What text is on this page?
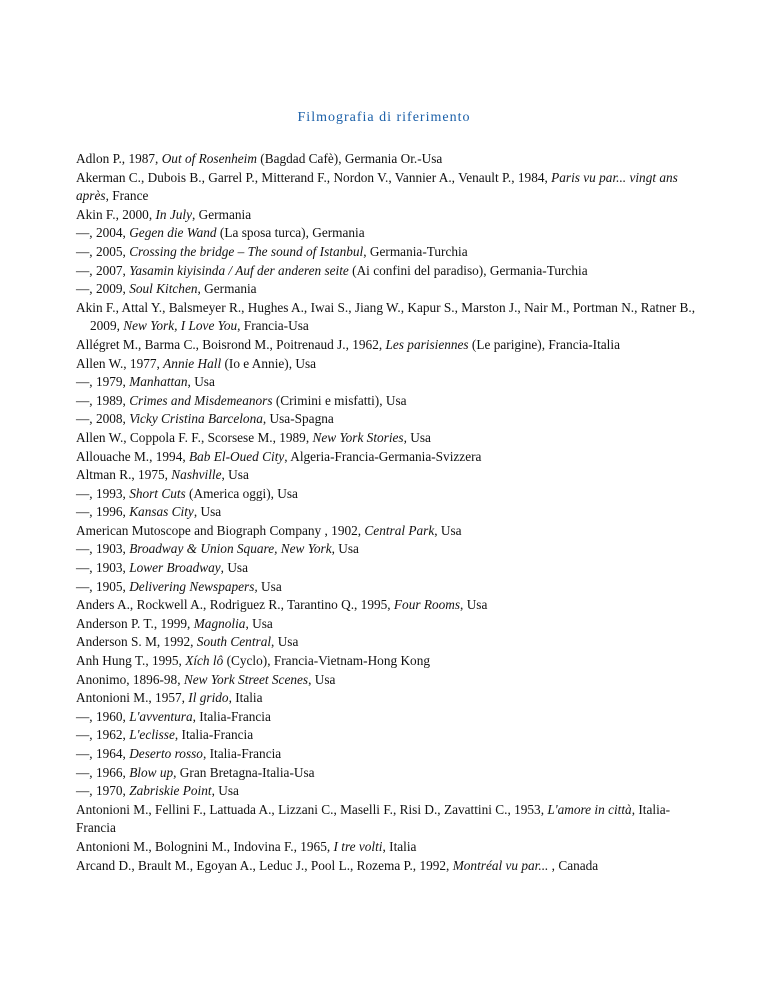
Filmografia di riferimento

Adlon P., 1987, Out of Rosenheim (Bagdad Cafè), Germania Or.-Usa

Akerman C., Dubois B., Garrel P., Mitterand F., Nordon V., Vannier A., Venault P., 1984, Paris vu par... vingt ans après, France

Akin F., 2000, In July, Germania

—, 2004, Gegen die Wand (La sposa turca), Germania

—, 2005, Crossing the bridge – The sound of Istanbul, Germania-Turchia

—, 2007, Yasamin kiyisinda / Auf der anderen seite (Ai confini del paradiso), Germania-Turchia

—, 2009, Soul Kitchen, Germania

Akin F., Attal Y., Balsmeyer R., Hughes A., Iwai S., Jiang W., Kapur S., Marston J., Nair M., Portman N., Ratner B., 2009, New York, I Love You, Francia-Usa

Allégret M., Barma C., Boisrond M., Poitrenaud J., 1962, Les parisiennes (Le parigine), Francia-Italia

Allen W., 1977, Annie Hall (Io e Annie), Usa

—, 1979, Manhattan, Usa

—, 1989, Crimes and Misdemeanors (Crimini e misfatti), Usa

—, 2008, Vicky Cristina Barcelona, Usa-Spagna

Allen W., Coppola F. F., Scorsese M., 1989, New York Stories, Usa

Allouache M., 1994, Bab El-Oued City, Algeria-Francia-Germania-Svizzera

Altman R., 1975, Nashville, Usa

—, 1993, Short Cuts (America oggi), Usa

—, 1996, Kansas City, Usa

American Mutoscope and Biograph Company , 1902, Central Park, Usa

—, 1903, Broadway & Union Square, New York, Usa

—, 1903, Lower Broadway, Usa

—, 1905, Delivering Newspapers, Usa

Anders A., Rockwell A., Rodriguez R., Tarantino Q., 1995, Four Rooms, Usa

Anderson P. T., 1999, Magnolia, Usa

Anderson S. M, 1992, South Central, Usa

Anh Hung T., 1995, Xích lô (Cyclo), Francia-Vietnam-Hong Kong

Anonimo, 1896-98, New York Street Scenes, Usa

Antonioni M., 1957, Il grido, Italia

—, 1960, L'avventura, Italia-Francia

—, 1962, L'eclisse, Italia-Francia

—, 1964, Deserto rosso, Italia-Francia

—, 1966, Blow up, Gran Bretagna-Italia-Usa

—, 1970, Zabriskie Point, Usa

Antonioni M., Fellini F., Lattuada A., Lizzani C., Maselli F., Risi D., Zavattini C., 1953, L'amore in città, Italia-Francia

Antonioni M., Bolognini M., Indovina F., 1965, I tre volti, Italia

Arcand D., Brault M., Egoyan A., Leduc J., Pool L., Rozema P., 1992, Montréal vu par... , Canada
